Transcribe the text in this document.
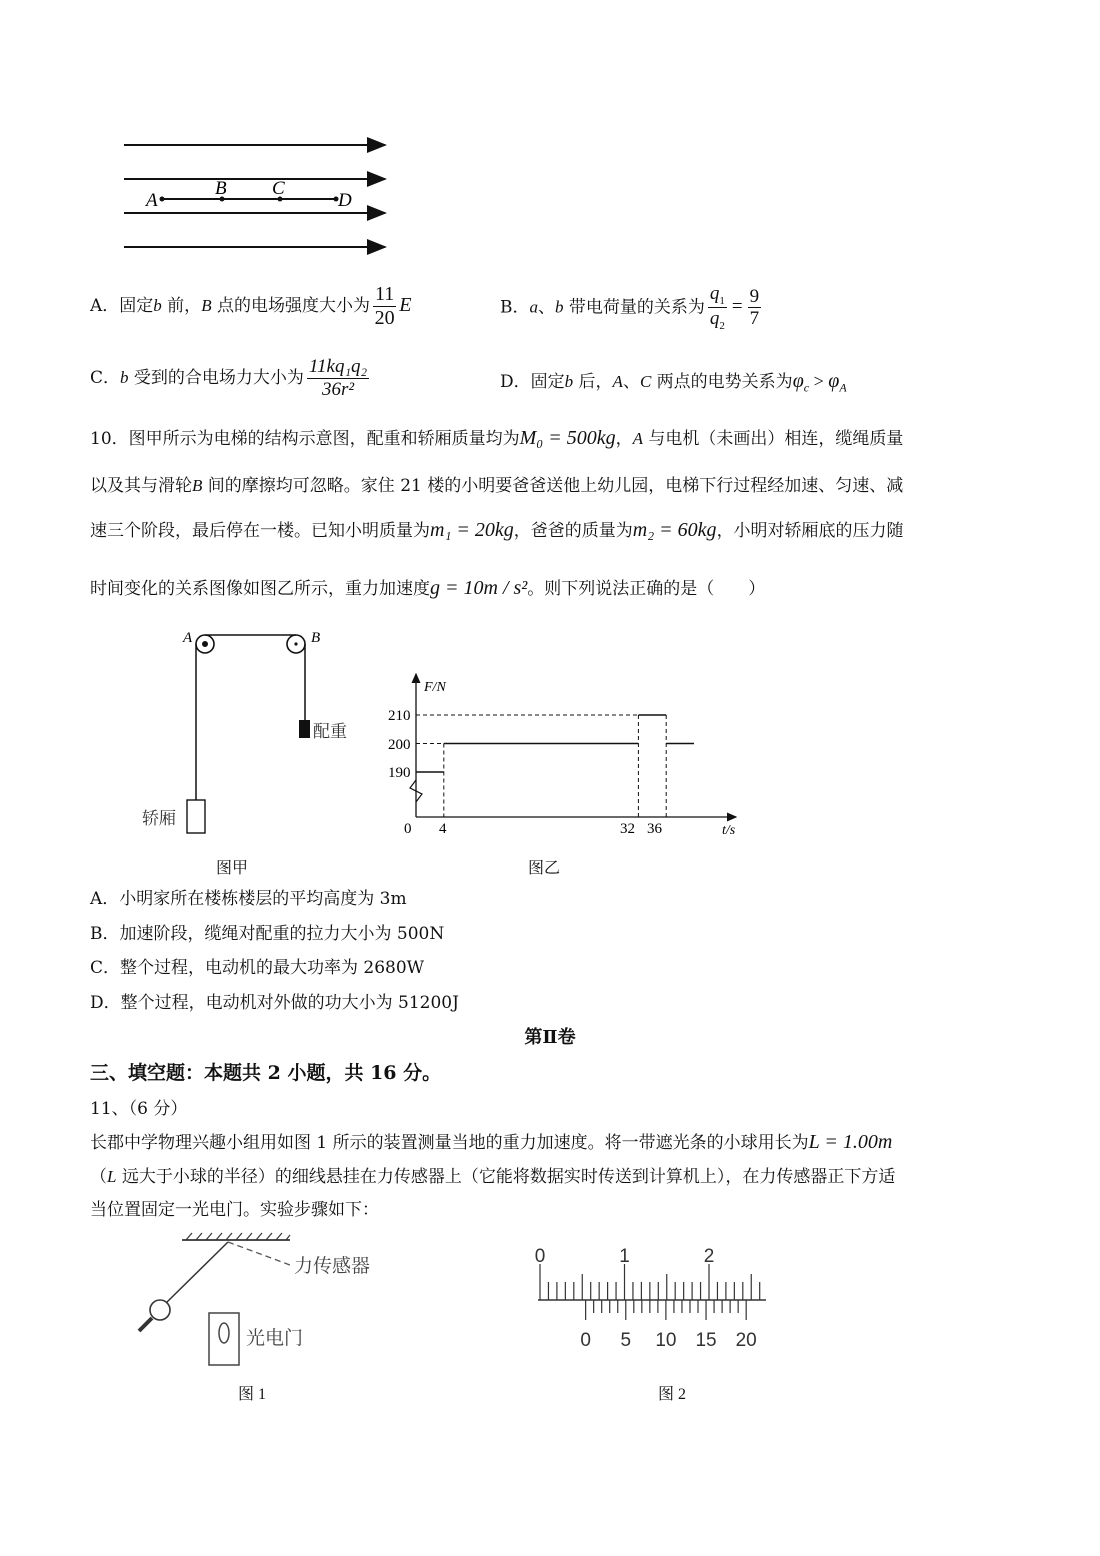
A
B C
D
A．固定b 前，B 点的电场强度大小为 $\frac{11}{20}$ E	B．a、b 带电荷量的关系为 $\frac{q_1}{q_2} = \frac{9}{7}$
C．b 受到的合电场力大小为 $\frac{\text{11kq₁q₂}}{\text{36r²}}$	D．固定b 后，A、C 两点的电势关系为$\varphi_c > \varphi_A$
10．图甲所示为电梯的结构示意图，配重和轿厢质量均为M₀ = 500kg，A 与电机（未画出）相连，缆绳质量
以及其与滑轮B 间的摩擦均可忽略。家住 21 楼的小明要爸爸送他上幼儿园，电梯下行过程经加速、匀速、减
速三个阶段，最后停在一楼。已知小明质量为m₁ = 20kg，爸爸的质量为m₂ = 60kg，小明对轿厢底的压力随
时间变化的关系图像如图乙所示，重力加速度g = 10m / s²。则下列说法正确的是（　　）
A	B
配重
轿厢
图甲
F/N
t/s
0
210
200
190
4	32 36
图乙
A．小明家所在楼栋楼层的平均高度为 3m
B．加速阶段，缆绳对配重的拉力大小为 500N
C．整个过程，电动机的最大功率为 2680W
D．整个过程，电动机对外做的功大小为 51200J
第Ⅱ卷
三、填空题：本题共 2 小题，共 16 分。
11、（6 分）
长郡中学物理兴趣小组用如图 1 所示的装置测量当地的重力加速度。将一带遮光条的小球用长为L = 1.00m
（L 远大于小球的半径）的细线悬挂在力传感器上（它能将数据实时传送到计算机上），在力传感器正下方适
当位置固定一光电门。实验步骤如下：
力传感器
光电门
图 1
0	1	2
0 5 10 15 20
图 2
